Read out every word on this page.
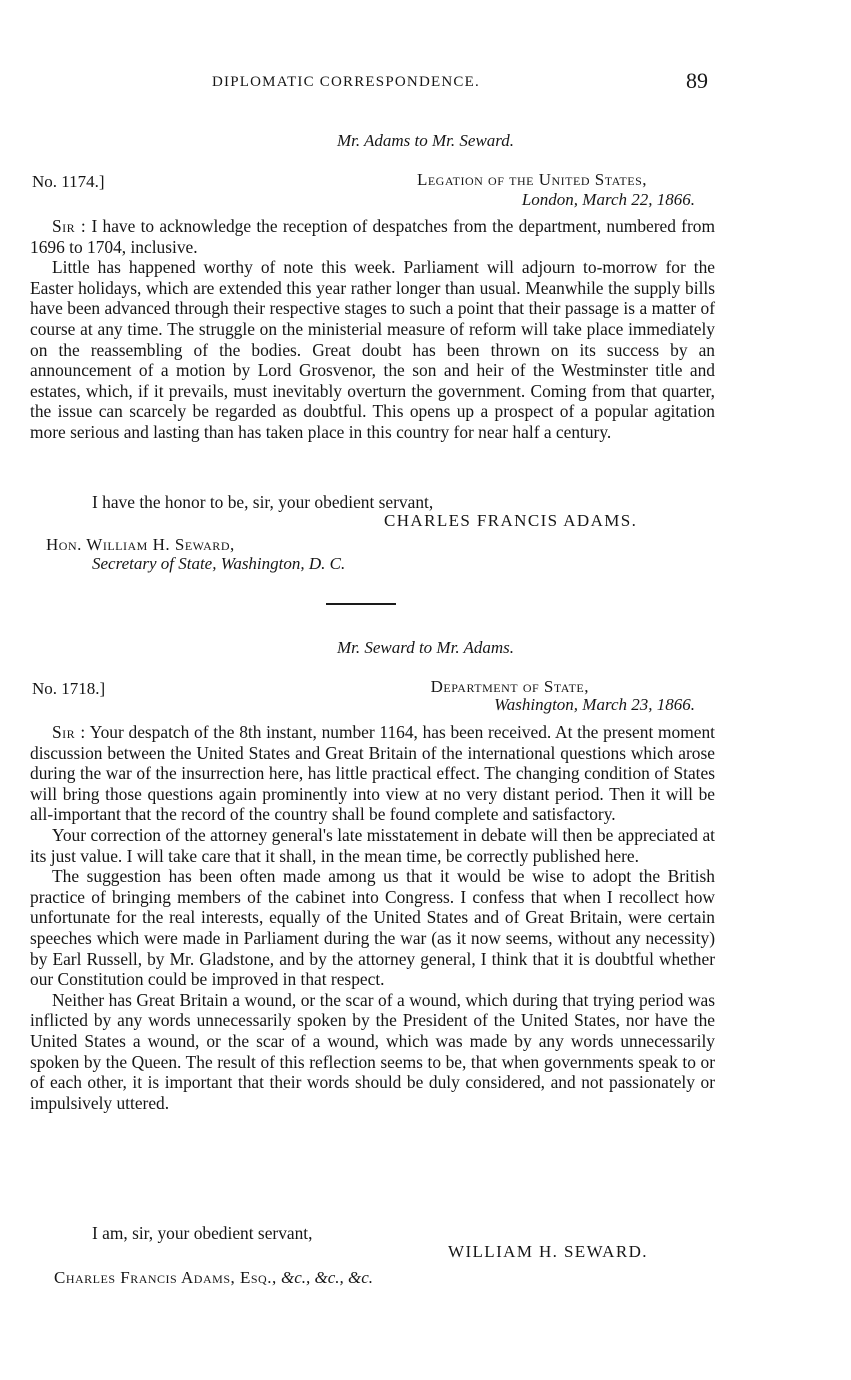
DIPLOMATIC CORRESPONDENCE.	89
Mr. Adams to Mr. Seward.
No. 1174.]	Legation of the United States,
London, March 22, 1866.

Sir : I have to acknowledge the reception of despatches from the department, numbered from 1696 to 1704, inclusive.

Little has happened worthy of note this week. Parliament will adjourn to-morrow for the Easter holidays, which are extended this year rather longer than usual. Meanwhile the supply bills have been advanced through their respective stages to such a point that their passage is a matter of course at any time. The struggle on the ministerial measure of reform will take place immediately on the reassembling of the bodies. Great doubt has been thrown on its success by an announcement of a motion by Lord Grosvenor, the son and heir of the Westminster title and estates, which, if it prevails, must inevitably overturn the government. Coming from that quarter, the issue can scarcely be regarded as doubtful. This opens up a prospect of a popular agitation more serious and lasting than has taken place in this country for near half a century.

I have the honor to be, sir, your obedient servant,
CHARLES FRANCIS ADAMS.
Hon. William H. Seward,
Secretary of State, Washington, D. C.
Mr. Seward to Mr. Adams.
No. 1718.]	Department of State,
Washington, March 23, 1866.

Sir : Your despatch of the 8th instant, number 1164, has been received. At the present moment discussion between the United States and Great Britain of the international questions which arose during the war of the insurrection here, has little practical effect. The changing condition of States will bring those questions again prominently into view at no very distant period. Then it will be all-important that the record of the country shall be found complete and satisfactory.

Your correction of the attorney general's late misstatement in debate will then be appreciated at its just value. I will take care that it shall, in the mean time, be correctly published here.

The suggestion has been often made among us that it would be wise to adopt the British practice of bringing members of the cabinet into Congress. I confess that when I recollect how unfortunate for the real interests, equally of the United States and of Great Britain, were certain speeches which were made in Parliament during the war (as it now seems, without any necessity) by Earl Russell, by Mr. Gladstone, and by the attorney general, I think that it is doubtful whether our Constitution could be improved in that respect.

Neither has Great Britain a wound, or the scar of a wound, which during that trying period was inflicted by any words unnecessarily spoken by the President of the United States, nor have the United States a wound, or the scar of a wound, which was made by any words unnecessarily spoken by the Queen. The result of this reflection seems to be, that when governments speak to or of each other, it is important that their words should be duly considered, and not passionately or impulsively uttered.

I am, sir, your obedient servant,
WILLIAM H. SEWARD.
Charles Francis Adams, Esq., &c., &c., &c.
